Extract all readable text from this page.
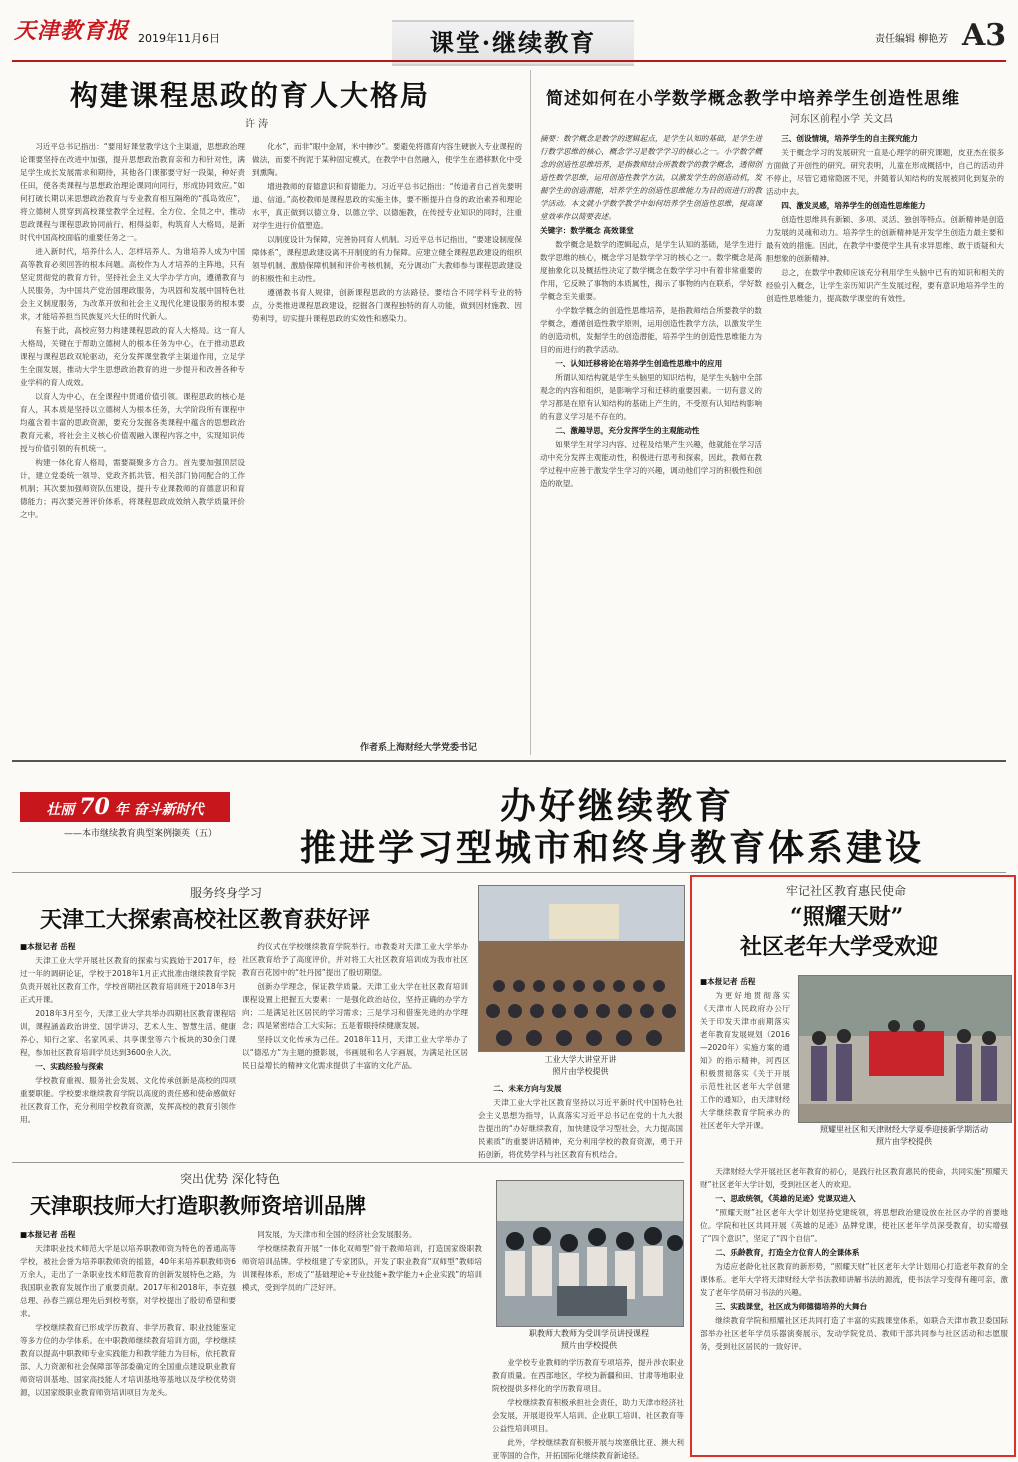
天津教育报 2019年11月6日	课堂·继续教育	责任编辑 柳艳芳 A3
构建课程思政的育人大格局
许 涛

习近平总书记指出：“要用好课堂教学这个主渠道，思想政治理论课要坚持在改进中加强，提升思想政治教育亲和力和针对性，满足学生成长发展需求和期待，其他各门课都要守好一段渠，种好责任田，使各类课程与思想政治理论课同向同行，形成协同效应。”如何打破长期以来思想政治教育与专业教育相互隔绝的“孤岛效应”，将立德树人贯穿到高校课堂教学全过程、全方位、全员之中，推动思政课程与课程思政协同前行、相得益彰，构筑育人大格局，是新时代中国高校面临的重要任务之一。

进入新时代，培养什么人、怎样培养人、为谁培养人成为中国高等教育必须回答的根本问题。高校作为人才培养的主阵地，只有坚定贯彻党的教育方针，坚持社会主义大学办学方向，遵循教育与人民服务，为中国共产党治国理政服务，为巩固和发展中国特色社会主义制度服务，为改革开放和社会主义现代化建设服务的根本要求，才能培养担当民族复兴大任的时代新人。

有鉴于此，高校应努力构建课程思政的育人大格局。这一育人大格局，关键在于帮助立德树人的根本任务为中心，在于推动思政课程与课程思政双轮驱动，充分发挥课堂教学主渠道作用，立足学生全面发展，推动大学生思想政治教育的进一步提升和改善各种专业学科的育人成效。

以育人为中心，在全课程中贯通价值引领。课程思政的核心是育人，其本质是坚持以立德树人为根本任务，大学阶段所有课程中均蕴含着丰富的思政资源，要充分发掘各类课程中蕴含的思想政治教育元素，将社会主义核心价值观融入课程内容之中，实现知识传授与价值引领的有机统一。

构建一体化育人格局，需要凝聚多方合力。首先要加强顶层设计，建立党委统一领导、党政齐抓共管、相关部门协同配合的工作机制；其次要加强师资队伍建设，提升专业课教师的育德意识和育德能力；再次要完善评价体系，将课程思政成效纳入教学质量评价之中。

化水”，而非“眼中金屑，米中掺沙”。要避免将德育内容生硬嵌入专业课程的做法，而要不拘泥于某种固定模式，在教学中自然融入，使学生在潜移默化中受到熏陶。

增进教师的育德意识和育德能力。习近平总书记指出：“传道者自己首先要明道、信道。”高校教师是课程思政的实施主体，要不断提升自身的政治素养和理论水平，真正做到以德立身、以德立学、以德施教，在传授专业知识的同时，注重对学生进行价值塑造。

以制度设计为保障，完善协同育人机制。习近平总书记指出，“要建设制度保障体系”，课程思政建设离不开制度的有力保障。应建立健全课程思政建设的组织领导机制、激励保障机制和评价考核机制，充分调动广大教师参与课程思政建设的积极性和主动性。

遵循教书育人规律，创新课程思政的方法路径。要结合不同学科专业的特点，分类推进课程思政建设，挖掘各门课程独特的育人功能，做到因材施教、因势利导，切实提升课程思政的实效性和感染力。

作者系上海财经大学党委书记
简述如何在小学数学概念教学中培养学生创造性思维
河东区前程小学 关文昌

摘要：数学概念是数学的逻辑起点，是学生认知的基础，是学生进行数学思维的核心，概念学习是数学学习的核心之一。小学数学概念的创造性思维培养，是指教师结合所教数学的教学概念，透彻创造性数学思维，运用创造性教学方法，以激发学生的创造动机，发掘学生的创造潜能，培养学生的创造性思维能力为目的而进行的教学活动。本文就小学数学教学中如何培养学生创造性思维，提高课堂效率作以简要表述。

关键字：数学概念 高效课堂

数学概念是数学的逻辑起点，是学生认知的基础，是学生进行数学思维的核心，概念学习是数学学习的核心之一。数学概念是高度抽象化以及概括性决定了数学概念在数学学习中有着非常重要的作用，它反映了事物的本质属性，揭示了事物的内在联系，学好数学概念至关重要。

小学数学概念的创造性思维培养，是指教师结合所要教学的数学概念，遵循创造性教学原则，运用创造性教学方法，以激发学生的创造动机，发掘学生的创造潜能，培养学生的创造性思维能力为目的而进行的教学活动。

一、认知迁移将论在培养学生创造性思维中的应用

所谓认知结构就是学生头脑里的知识结构，是学生头脑中全部观念的内容和组织，是影响学习和迁移的重要因素。一切有意义的学习都是在原有认知结构的基础上产生的，不受原有认知结构影响的有意义学习是不存在的。

二、激趣导思，充分发挥学生的主观能动性

如果学生对学习内容、过程及结果产生兴趣，他就能在学习活动中充分发挥主观能动性，积极进行思考和探索，因此，教师在教学过程中应善于激发学生学习的兴趣，调动他们学习的积极性和创造的欲望。

三、创设情境，培养学生的自主探究能力

关于概念学习的发展研究一直是心理学的研究课题，皮亚杰在很多方面做了开创性的研究。研究表明，儿童在形成概括中，自己的活动并不停止，尽管它通常隐匿不见，并随着认知结构的发展被同化到复杂的活动中去。

四、激发灵感，培养学生的创造性思维能力

创造性思维具有新颖、多项、灵活、独创等特点。创新精神是创造力发展的灵魂和动力。培养学生的创新精神是开发学生创造力最主要和最有效的措施。因此，在教学中要使学生具有求异思维、敢于质疑和大胆想象的创新精神。

总之，在数学中教师应该充分利用学生头脑中已有的知识和相关的经验引入概念，让学生亲历知识产生发展过程，要有意识地培养学生的创造性思维能力，提高数学课堂的有效性。

壮丽 70 年 奋斗新时代
——本市继续教育典型案例撷英（五）
办好继续教育
推进学习型城市和终身教育体系建设
服务终身学习
天津工大探索高校社区教育获好评

■本报记者 岳程

天津工业大学开展社区教育的探索与实践始于2017年，经过一年的调研论证，学校于2018年1月正式批准由继续教育学院负责开展社区教育工作，学校首期社区教育培训班于2018年3月正式开课。

2018年3月至今，天津工业大学共举办四期社区教育课程培训，课程涵盖政治讲堂、国学讲习、艺术人生、智慧生活、健康养心、知行之家、名家风采、共享课堂等六个板块的30余门课程，参加社区教育培训学员达到3600余人次。

一、实践经验与探索

学校教育重视、服务社会发展、文化传承创新是高校的四项重要职能。学校要求继续教育学院以高度的责任感和使命感做好社区教育工作，充分利用学校教育资源，发挥高校的教育引领作用。

约仪式在学校继续教育学院举行。市教委对天津工业大学举办社区教育给予了高度评价，并对将工大社区教育培训成为我市社区教育百花园中的“牡丹园”提出了殷切期望。

创新办学理念，保证教学质量。天津工业大学在社区教育培训课程设置上把握五大要素：一是强化政治站位，坚持正确的办学方向；二是满足社区居民的学习需求；三是学习和借鉴先进的办学理念；四是紧密结合工大实际；五是着眼持续健康发展。

坚持以文化传承为己任。2018年11月，天津工业大学举办了以“德泓方”为主题的摄影展，书画展和名人字画展，为满足社区居民日益增长的精神文化需求提供了丰富的文化产品。

工业大学大讲堂开讲
照片由学校提供

二、未来方向与发展

天津工业大学社区教育坚持以习近平新时代中国特色社会主义思想为指导，认真落实习近平总书记在党的十九大报告提出的“办好继续教育，加快建设学习型社会，大力提高国民素质”的重要讲话精神，充分利用学校的教育资源，勇于开拓创新，将优势学科与社区教育有机结合。

突出优势 深化特色
天津职技师大打造职教师资培训品牌

■本报记者 岳程

天津职业技术师范大学是以培养职教师资为特色的普通高等学校，被社会誉为培养职教师资的摇篮，40年来培养职教师资6万余人，走出了一条职业技术师范教育的创新发展特色之路，为我国职业教育发展作出了重要贡献。2017年和2018年，李克强总理、孙春兰副总理先后到校考察，对学校提出了殷切希望和要求。

学校继续教育已形成学历教育、非学历教育、职业技能鉴定等多方位的办学体系。在中职教师继续教育培训方面，学校继续教育以提高中职教师专业实践能力和教学能力为目标，依托教育部、人力资源和社会保障部等部委确定的全国重点建设职业教育师资培训基地、国家高技能人才培训基地等基地以及学校优势资源，以国家级职业教育师资培训项目为龙头。

同发展，为天津市和全国的经济社会发展服务。

学校继续教育开展“一体化双师型”骨干教师培训，打造国家级职教师资培训品牌。学校组建了专家团队，开发了职业教育“双师型”教师培训课程体系，形成了“基础理论+专业技能+教学能力+企业实践”的培训模式，受到学员的广泛好评。

职教师大教师为受训学员讲授课程
照片由学校提供

业学校专业教师的学历教育专项培养，提升涉农职业教育质量。在西部地区，学校为新疆和田、甘肃等地职业院校提供多样化的学历教育项目。

学校继续教育积极承担社会责任，助力天津市经济社会发展，开展退役军人培训、企业职工培训、社区教育等公益性培训项目。

此外，学校继续教育积极开展与埃塞俄比亚、澳大利亚等国的合作，开拓国际化继续教育新途径。

牢记社区教育惠民使命
“照耀天财”
社区老年大学受欢迎

■本报记者 岳程

为更好地贯彻落实《天津市人民政府办公厅关于印发天津市前期落实老年教育发展规划（2016—2020年）实施方案的通知》的指示精神，河西区积极贯彻落实《关于开展示范性社区老年大学创建工作的通知》，由天津财经大学继续教育学院承办的社区老年大学开课。	照耀里社区和天津财经大学夏季迎接新学期活动
照片由学校提供

天津财经大学开展社区老年教育的初心，是践行社区教育惠民的使命，共同实施“照耀天财”社区老年大学计划，受到社区老人的欢迎。

一、思政统领，《英雄的足迹》党课双进入

“照耀天财”社区老年大学计划坚持党建统领，将思想政治建设放在社区办学的首要地位。学院和社区共同开展《英雄的足迹》品牌党课，使社区老年学员深受教育，切实增强了“四个意识”，坚定了“四个自信”。

二、乐龄教育，打造全方位育人的全课体系

为适应老龄化社区教育的新形势，“照耀天财”社区老年大学计划用心打造老年教育的全课体系。老年大学将天津财经大学书法教师讲解书法的源流，使书法学习变得有趣可亲，激发了老年学员研习书法的兴趣。

三、实践课堂，社区成为师德德培养的大舞台

继续教育学院和照耀社区还共同打造了丰富的实践课堂体系，如联合天津市教卫委国际部举办社区老年学员乐器演奏展示，发动学院党员、教师干部共同参与社区活动和志愿服务，受到社区居民的一致好评。
